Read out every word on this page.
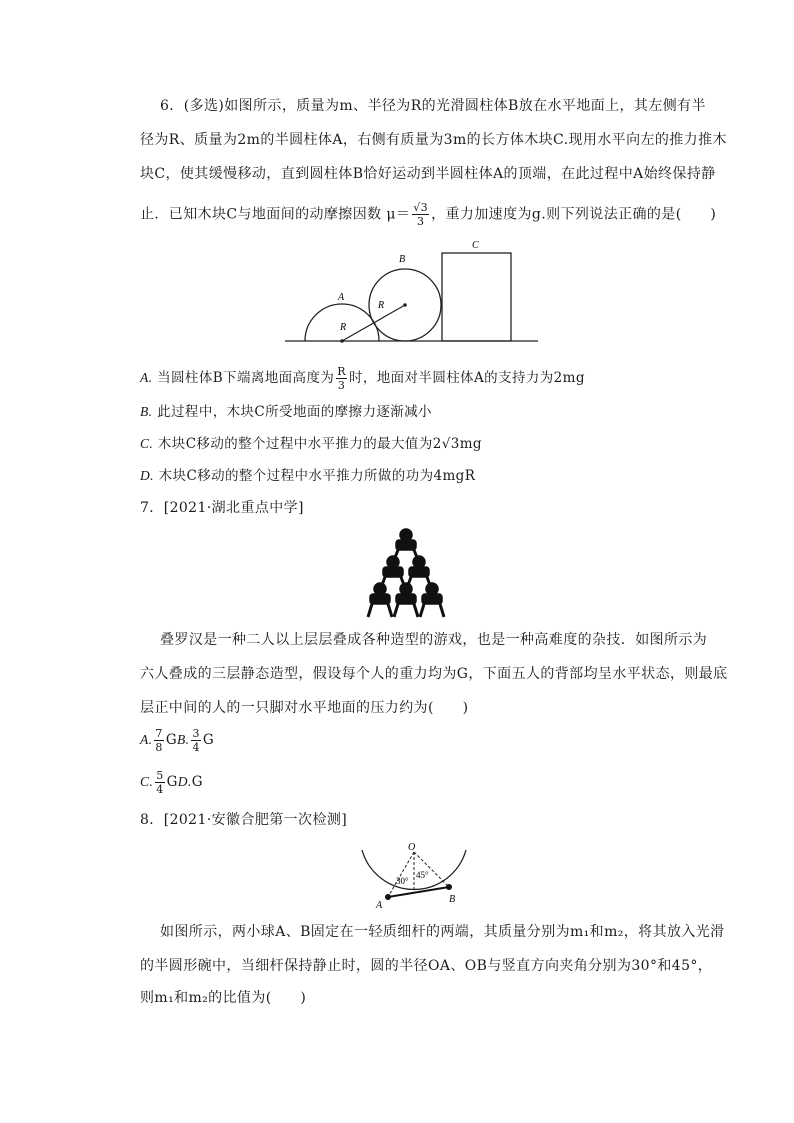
6．(多选)如图所示，质量为m、半径为R的光滑圆柱体B放在水平地面上，其左侧有半
径为R、质量为2m的半圆柱体A，右侧有质量为3m的长方体木块C.现用水平向左的推力推木
块C，使其缓慢移动，直到圆柱体B恰好运动到半圆柱体A的顶端，在此过程中A始终保持静
止．已知木块C与地面间的动摩擦因数 $\mu= \frac{√3}{3}$ ，重力加速度为g.则下列说法正确的是(　　)
A
B
C
R
R
A. 当圆柱体B下端离地面高度为 $\frac{R}{3}$ 时，地面对半圆柱体A的支持力为2mg
B. 此过程中，木块C所受地面的摩擦力逐渐减小
C. 木块C移动的整个过程中水平推力的最大值为2√3mg
D. 木块C移动的整个过程中水平推力所做的功为4mgR
7．[2021·湖北重点中学]
叠罗汉是一种二人以上层层叠成各种造型的游戏，也是一种高难度的杂技．如图所示为
六人叠成的三层静态造型，假设每个人的重力均为G，下面五人的背部均呈水平状态，则最底
层正中间的人的一只脚对水平地面的压力约为(　　)
A. $\frac{7}{8}$ GB. $\frac{3}{4}$ G
C. $\frac{5}{4} GD.G$
8．[2021·安徽合肥第一次检测]
O
A
B
30°
45°
如图所示，两小球A、B固定在一轻质细杆的两端，其质量分别为m₁和m₂，将其放入光滑
的半圆形碗中，当细杆保持静止时，圆的半径OA、OB与竖直方向夹角分别为30°和45°，
则m₁和m₂的比值为(　　)
